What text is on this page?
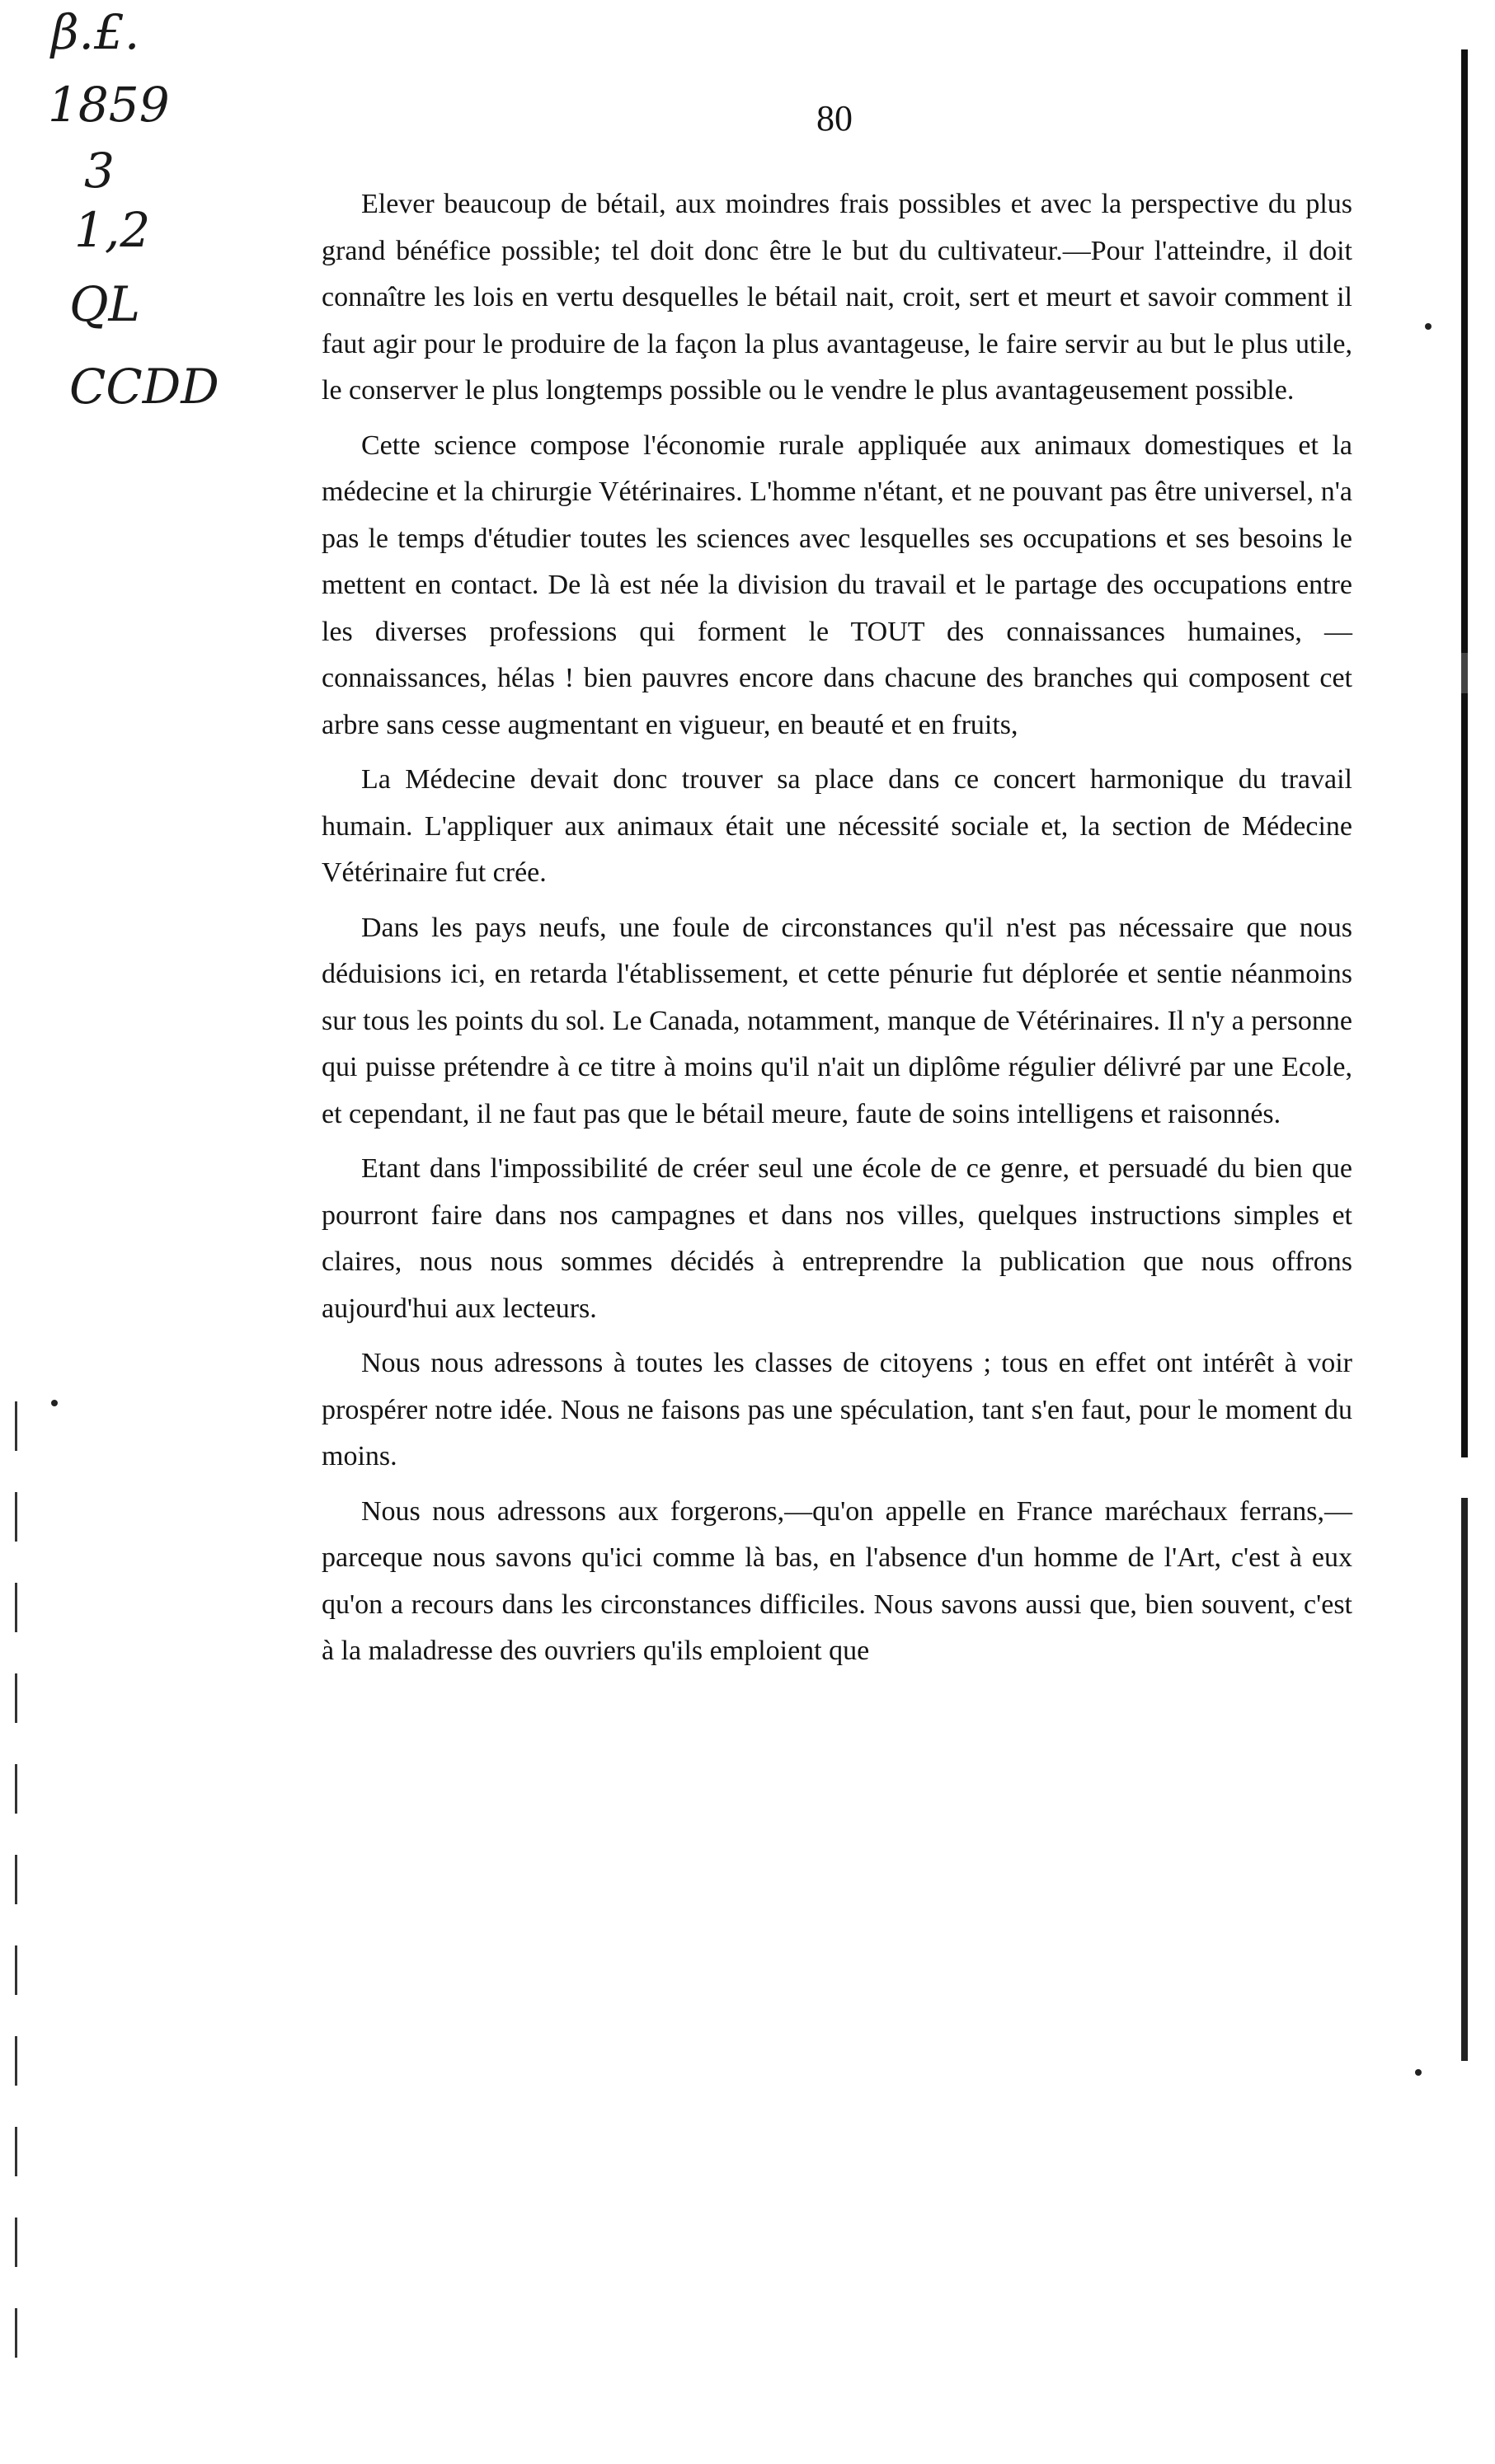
β.£.
1859
3
1,2
QL
CCDD
80

Elever beaucoup de bétail, aux moindres frais possibles et avec la perspective du plus grand bénéfice possible; tel doit donc être le but du cultivateur.—Pour l'atteindre, il doit connaître les lois en vertu desquelles le bétail nait, croit, sert et meurt et savoir comment il faut agir pour le produire de la façon la plus avantageuse, le faire servir au but le plus utile, le conserver le plus longtemps possible ou le vendre le plus avantageusement possible.

Cette science compose l'économie rurale appliquée aux animaux domestiques et la médecine et la chirurgie Vétérinaires. L'homme n'étant, et ne pouvant pas être universel, n'a pas le temps d'étudier toutes les sciences avec lesquelles ses occupations et ses besoins le mettent en contact. De là est née la division du travail et le partage des occupations entre les diverses professions qui forment le TOUT des connaissances humaines, —connaissances, hélas ! bien pauvres encore dans chacune des branches qui composent cet arbre sans cesse augmentant en vigueur, en beauté et en fruits,

La Médecine devait donc trouver sa place dans ce concert harmonique du travail humain. L'appliquer aux animaux était une nécessité sociale et, la section de Médecine Vétérinaire fut crée.

Dans les pays neufs, une foule de circonstances qu'il n'est pas nécessaire que nous déduisions ici, en retarda l'établissement, et cette pénurie fut déplorée et sentie néanmoins sur tous les points du sol. Le Canada, notamment, manque de Vétérinaires. Il n'y a personne qui puisse prétendre à ce titre à moins qu'il n'ait un diplôme régulier délivré par une Ecole, et cependant, il ne faut pas que le bétail meure, faute de soins intelligens et raisonnés.

Etant dans l'impossibilité de créer seul une école de ce genre, et persuadé du bien que pourront faire dans nos campagnes et dans nos villes, quelques instructions simples et claires, nous nous sommes décidés à entreprendre la publication que nous offrons aujourd'hui aux lecteurs.

Nous nous adressons à toutes les classes de citoyens ; tous en effet ont intérêt à voir prospérer notre idée. Nous ne faisons pas une spéculation, tant s'en faut, pour le moment du moins.

Nous nous adressons aux forgerons,—qu'on appelle en France maréchaux ferrans,—parceque nous savons qu'ici comme là bas, en l'absence d'un homme de l'Art, c'est à eux qu'on a recours dans les circonstances difficiles. Nous savons aussi que, bien souvent, c'est à la maladresse des ouvriers qu'ils emploient que
